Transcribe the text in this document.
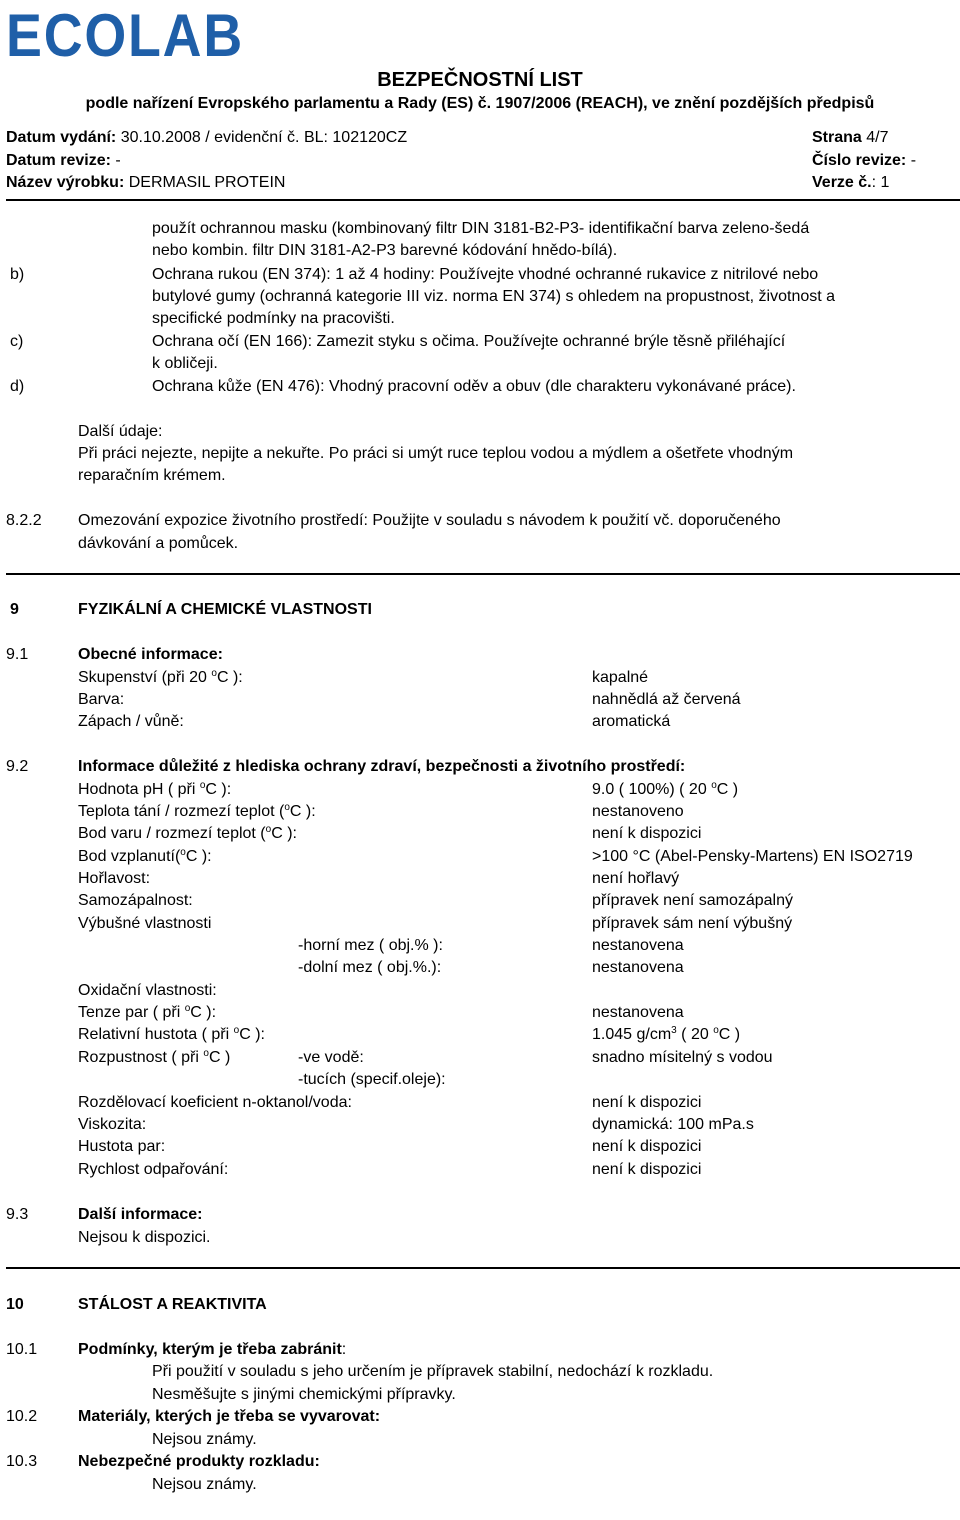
ECOLAB
BEZPEČNOSTNÍ LIST
podle nařízení Evropského parlamentu a Rady (ES) č. 1907/2006 (REACH), ve znění pozdějších předpisů
Datum vydání: 30.10.2008 / evidenční č. BL: 102120CZ
Datum revize: -
Název výrobku: DERMASIL PROTEIN
Strana 4/7
Číslo revize: -
Verze č.: 1
použít ochrannou masku (kombinovaný filtr DIN 3181-B2-P3- identifikační barva zeleno-šedá
nebo kombin. filtr DIN 3181-A2-P3 barevné kódování hnědo-bílá).
b)	Ochrana rukou (EN 374): 1 až 4 hodiny: Používejte vhodné ochranné rukavice z nitrilové nebo
butylové gumy (ochranná kategorie III viz. norma EN 374) s ohledem na propustnost, životnost a
specifické podmínky na pracovišti.
c)	Ochrana očí (EN 166): Zamezit styku s očima. Používejte ochranné brýle těsně přiléhající
k obličeji.
d)	Ochrana kůže (EN 476): Vhodný pracovní oděv a obuv (dle charakteru vykonávané práce).
Další údaje:
Při práci nejezte, nepijte a nekuřte. Po práci si umýt ruce teplou vodou a mýdlem a ošetřete vhodným
reparačním krémem.
8.2.2 Omezování expozice životního prostředí: Použijte v souladu s návodem k použití vč. doporučeného
dávkování a pomůcek.
9	FYZIKÁLNÍ A CHEMICKÉ VLASTNOSTI
9.1	Obecné informace:
Skupenství (při 20 $^o$C ):	kapalné
Barva:	nahnědlá až červená
Zápach / vůně:	aromatická
9.2	Informace důležité z hlediska ochrany zdraví, bezpečnosti a životního prostředí:
Hodnota pH ( při $^o$C ):	9.0 ( 100%) ( 20 $^o$C )
Teplota tání / rozmezí teplot ($^o$C ):	nestanoveno
Bod varu / rozmezí teplot ($^o$C ):	není k dispozici
Bod vzplanutí($^o$C ):	>100 °C (Abel-Pensky-Martens) EN ISO2719
Hořlavost:	není hořlavý
Samozápalnost:	přípravek není samozápalný
Výbušné vlastnosti	přípravek sám není výbušný
-horní mez ( obj.% ):	nestanovena
-dolní mez ( obj.%.):	nestanovena
Oxidační vlastnosti:
Tenze par ( při $^o$C ):	nestanovena
Relativní hustota ( při $^o$C ):	1.045 $g/cm^3$ ( 20 $^o$C )
Rozpustnost ( při $^o$C )	-ve vodě:	snadno mísitelný s vodou
-tucích (specif.oleje):
Rozdělovací koeficient n-oktanol/voda:	není k dispozici
Viskozita:	dynamická: 100 mPa.s
Hustota par:	není k dispozici
Rychlost odpařování:	není k dispozici
9.3	Další informace:
Nejsou k dispozici.
10	STÁLOST A REAKTIVITA
10.1	Podmínky, kterým je třeba zabránit:
Při použití v souladu s jeho určením je přípravek stabilní, nedochází k rozkladu.
Nesměšujte s jinými chemickými přípravky.
10.2	Materiály, kterých je třeba se vyvarovat:
Nejsou známy.
10.3	Nebezpečné produkty rozkladu:
Nejsou známy.
